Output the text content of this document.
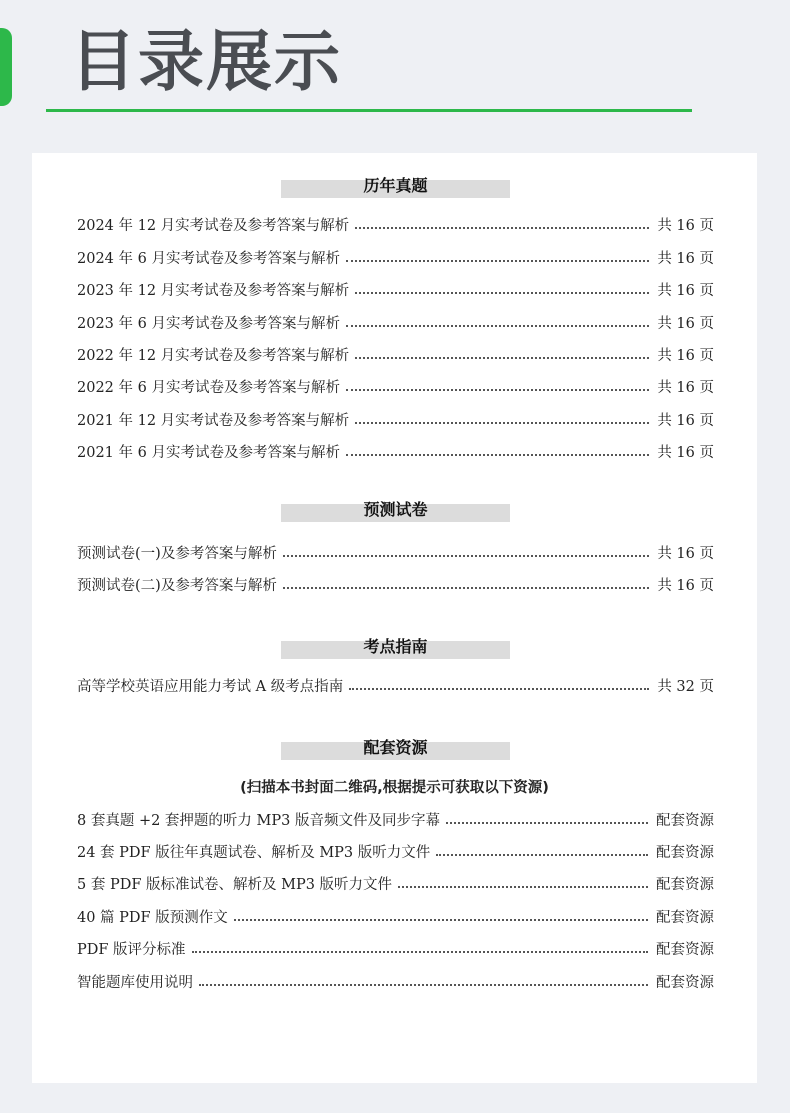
目录展示
历年真题
2024 年 12 月实考试卷及参考答案与解析	共 16 页
2024 年 6 月实考试卷及参考答案与解析	共 16 页
2023 年 12 月实考试卷及参考答案与解析	共 16 页
2023 年 6 月实考试卷及参考答案与解析	共 16 页
2022 年 12 月实考试卷及参考答案与解析	共 16 页
2022 年 6 月实考试卷及参考答案与解析	共 16 页
2021 年 12 月实考试卷及参考答案与解析	共 16 页
2021 年 6 月实考试卷及参考答案与解析	共 16 页
预测试卷
预测试卷(一)及参考答案与解析	共 16 页
预测试卷(二)及参考答案与解析	共 16 页
考点指南
高等学校英语应用能力考试 A 级考点指南	共 32 页
配套资源
(扫描本书封面二维码,根据提示可获取以下资源)
8 套真题 +2 套押题的听力 MP3 版音频文件及同步字幕	配套资源
24 套 PDF 版往年真题试卷、解析及 MP3 版听力文件	配套资源
5 套 PDF 版标准试卷、解析及 MP3 版听力文件	配套资源
40 篇 PDF 版预测作文	配套资源
PDF 版评分标准	配套资源
智能题库使用说明	配套资源
